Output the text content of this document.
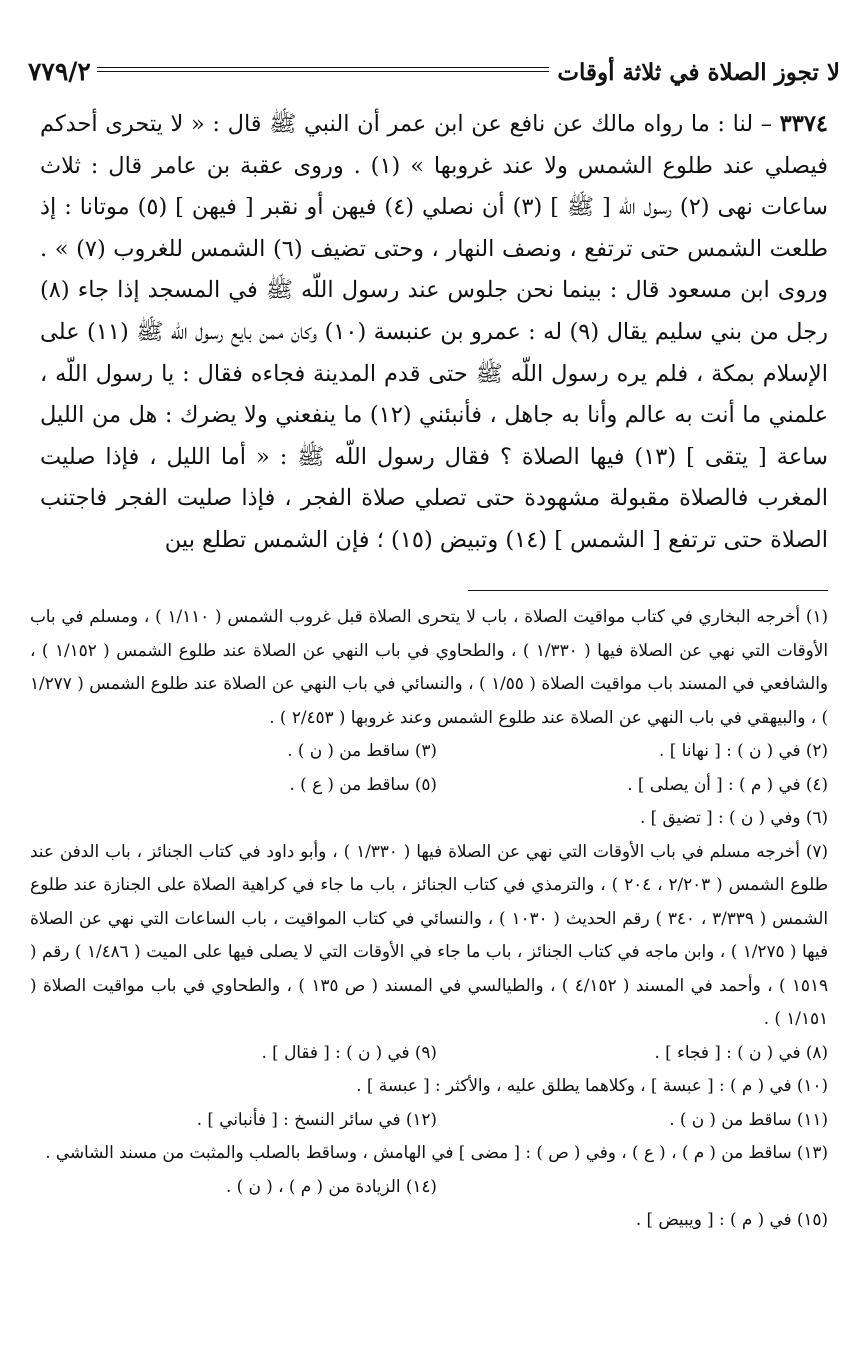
لا تجوز الصلاة في ثلاثة أوقات
٧٧٩/٢

٣٣٧٤ – لنا : ما رواه مالك عن نافع عن ابن عمر أن النبي ﷺ قال : « لا يتحرى أحدكم فيصلي عند طلوع الشمس ولا عند غروبها » (١) . وروى عقبة بن عامر قال : ثلاث ساعات نهى (٢) رسول اللّه [ ﷺ ] (٣) أن نصلي (٤) فيهن أو نقبر [ فيهن ] (٥) موتانا : إذ طلعت الشمس حتى ترتفع ، ونصف النهار ، وحتى تضيف (٦) الشمس للغروب (٧) » . وروى ابن مسعود قال : بينما نحن جلوس عند رسول اللّه ﷺ في المسجد إذا جاء (٨) رجل من بني سليم يقال (٩) له : عمرو بن عنبسة (١٠) وكان ممن بايع رسول اللّه ﷺ (١١) على الإسلام بمكة ، فلم يره رسول اللّه ﷺ حتى قدم المدينة فجاءه فقال : يا رسول اللّه ، علمني ما أنت به عالم وأنا به جاهل ، فأنبئني (١٢) ما ينفعني ولا يضرك : هل من الليل ساعة [ يتقى ] (١٣) فيها الصلاة ؟ فقال رسول اللّه ﷺ : « أما الليل ، فإذا صليت المغرب فالصلاة مقبولة مشهودة حتى تصلي صلاة الفجر ، فإذا صليت الفجر فاجتنب الصلاة حتى ترتفع [ الشمس ] (١٤) وتبيض (١٥) ؛ فإن الشمس تطلع بين

(١) أخرجه البخاري في كتاب مواقيت الصلاة ، باب لا يتحرى الصلاة قبل غروب الشمس ( ١/١١٠ ) ، ومسلم في باب الأوقات التي نهي عن الصلاة فيها ( ١/٣٣٠ ) ، والطحاوي في باب النهي عن الصلاة عند طلوع الشمس ( ١/١٥٢ ) ، والشافعي في المسند باب مواقيت الصلاة ( ١/٥٥ ) ، والنسائي في باب النهي عن الصلاة عند طلوع الشمس ( ١/٢٧٧ ) ، والبيهقي في باب النهي عن الصلاة عند طلوع الشمس وعند غروبها ( ٢/٤٥٣ ) .
(٢) في ( ن ) : [ نهانا ] .
(٣) ساقط من ( ن ) .
(٤) في ( م ) : [ أن يصلى ] .
(٥) ساقط من ( ع ) .
(٦) وفي ( ن ) : [ تضيق ] .
(٧) أخرجه مسلم في باب الأوقات التي نهي عن الصلاة فيها ( ١/٣٣٠ ) ، وأبو داود في كتاب الجنائز ، باب الدفن عند طلوع الشمس ( ٢/٢٠٣ ، ٢٠٤ ) ، والترمذي في كتاب الجنائز ، باب ما جاء في كراهية الصلاة على الجنازة عند طلوع الشمس ( ٣/٣٣٩ ، ٣٤٠ ) رقم الحديث ( ١٠٣٠ ) ، والنسائي في كتاب المواقيت ، باب الساعات التي نهي عن الصلاة فيها ( ١/٢٧٥ ) ، وابن ماجه في كتاب الجنائز ، باب ما جاء في الأوقات التي لا يصلى فيها على الميت ( ١/٤٨٦ ) رقم ( ١٥١٩ ) ، وأحمد في المسند ( ٤/١٥٢ ) ، والطيالسي في المسند ( ص ١٣٥ ) ، والطحاوي في باب مواقيت الصلاة ( ١/١٥١ ) .
(٨) في ( ن ) : [ فجاء ] .
(٩) في ( ن ) : [ فقال ] .
(١٠) في ( م ) : [ عبسة ] ، وكلاهما يطلق عليه ، والأكثر : [ عبسة ] .
(١١) ساقط من ( ن ) .
(١٢) في سائر النسخ : [ فأنباني ] .
(١٣) ساقط من ( م ) ، ( ع ) ، وفي ( ص ) : [ مضى ] في الهامش ، وساقط بالصلب والمثبت من مسند الشاشي .
(١٤) الزيادة من ( م ) ، ( ن ) .
(١٥) في ( م ) : [ ويبيض ] .
